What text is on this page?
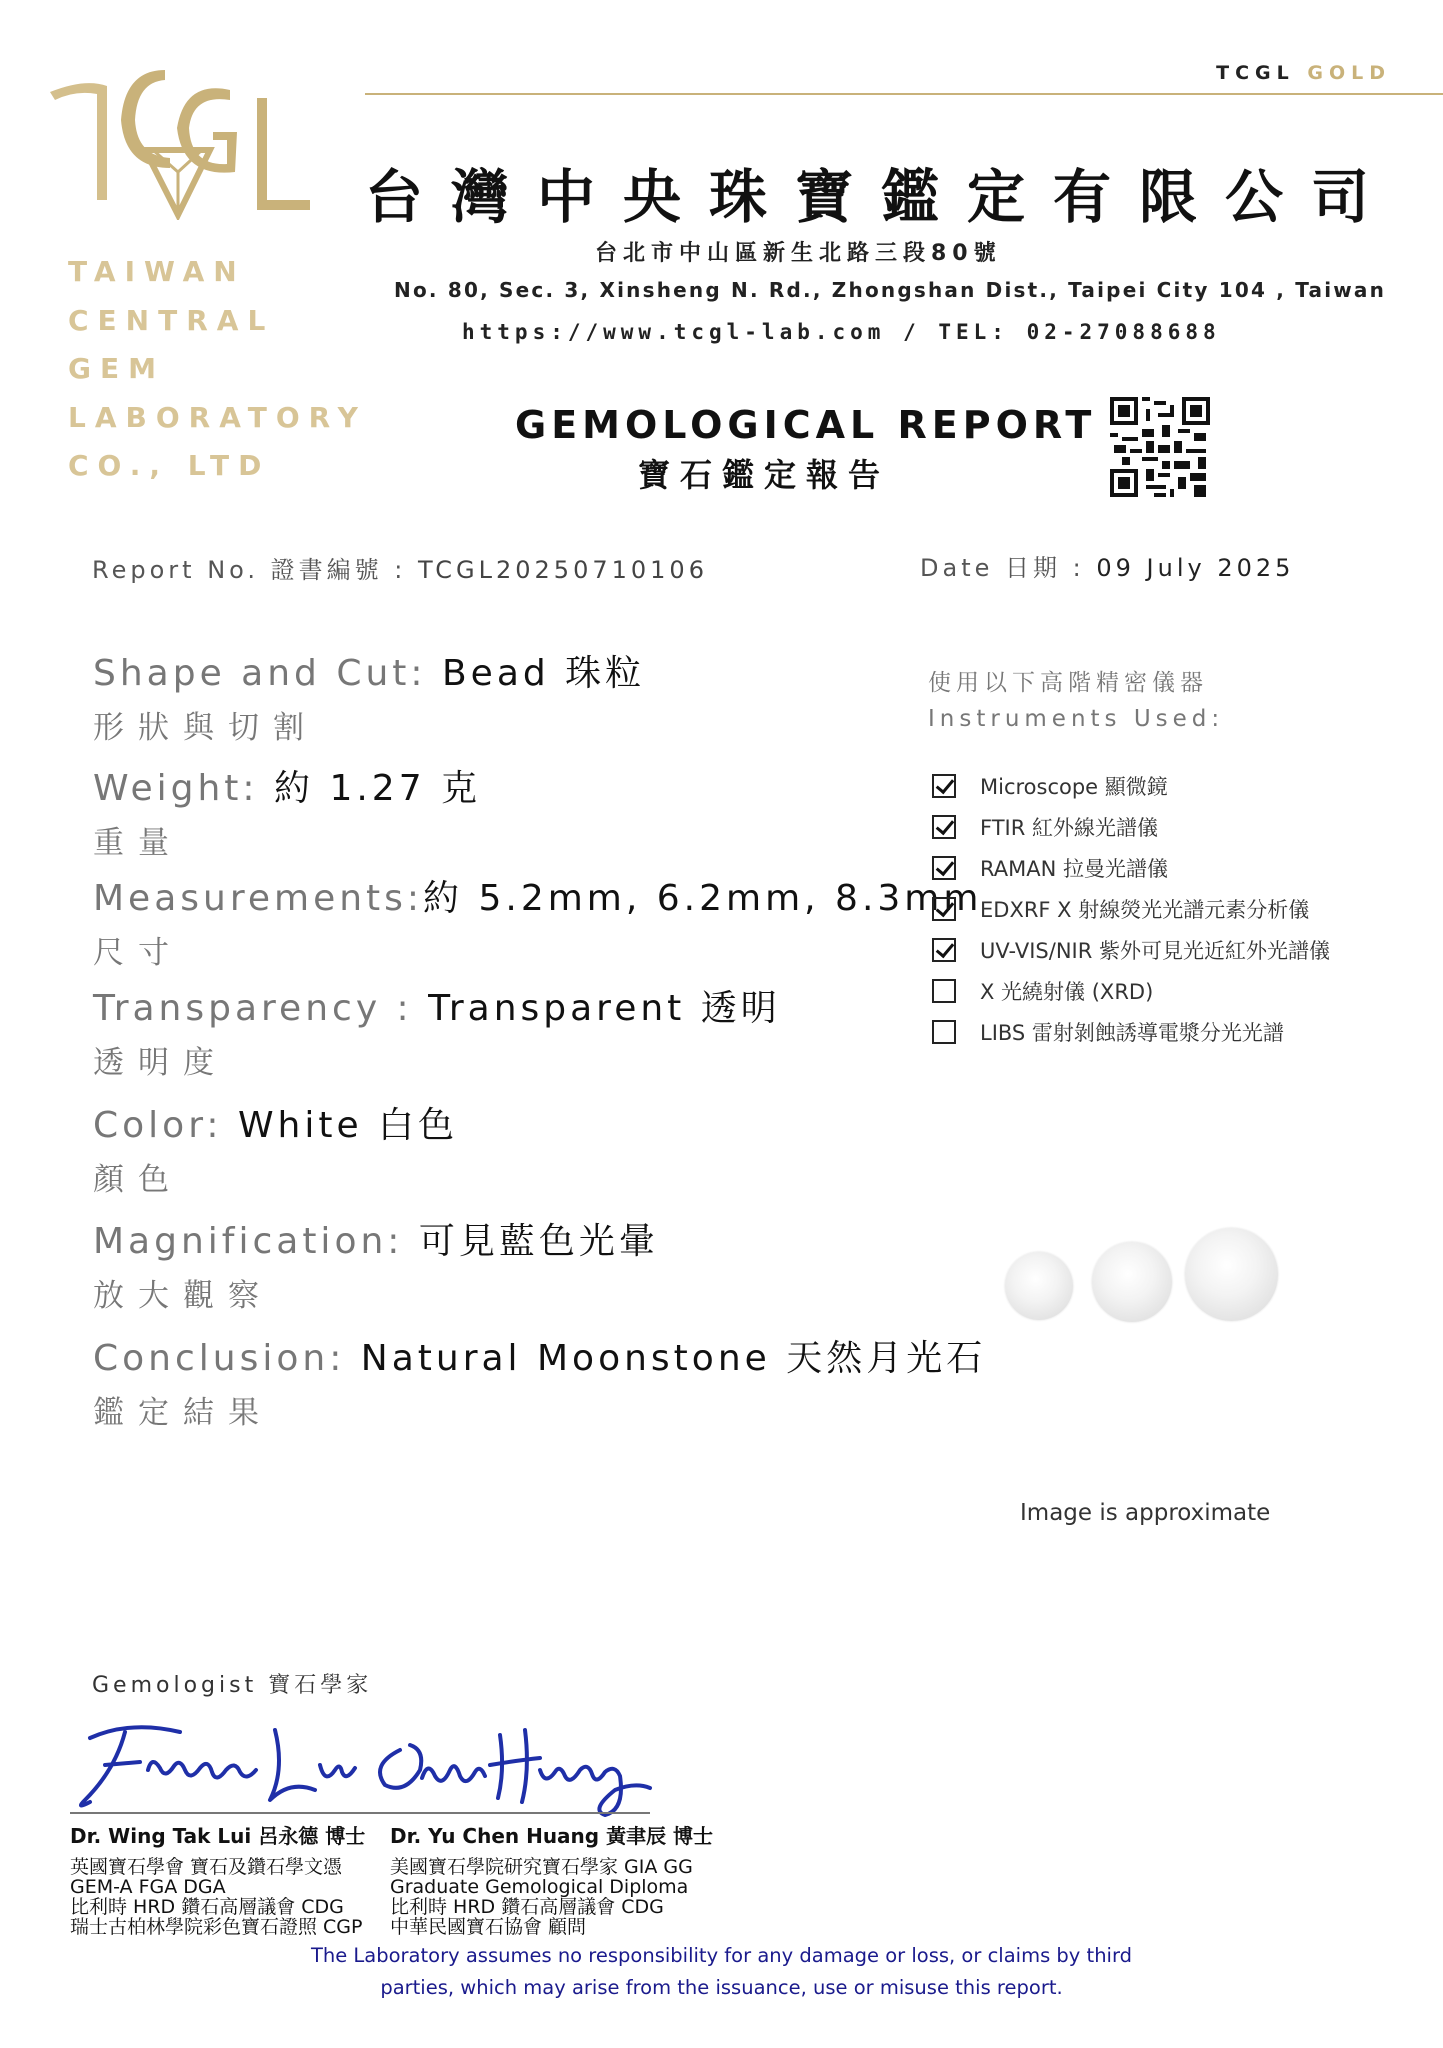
TCGL GOLD
TAIWAN
CENTRAL
GEM
LABORATORY
CO., LTD
台灣中央珠寶鑑定有限公司
台北市中山區新生北路三段80號
No. 80, Sec. 3, Xinsheng N. Rd., Zhongshan Dist., Taipei City 104 , Taiwan
https://www.tcgl-lab.com / TEL: 02-27088688
GEMOLOGICAL REPORT
寶石鑑定報告
Report No. 證書編號 : TCGL20250710106	Date 日期 : 09 July 2025
Shape and Cut: Bead 珠粒
形狀與切割
Weight: 約 1.27 克
重量
Measurements:約 5.2mm, 6.2mm, 8.3mm
尺寸
Transparency : Transparent 透明
透明度
Color: White 白色
顏色
Magnification: 可見藍色光暈
放大觀察
Conclusion: Natural Moonstone 天然月光石
鑑定結果
使用以下高階精密儀器
Instruments Used:
Microscope 顯微鏡
FTIR 紅外線光譜儀
RAMAN 拉曼光譜儀
EDXRF X 射線熒光光譜元素分析儀
UV-VIS/NIR 紫外可見光近紅外光譜儀
X 光繞射儀 (XRD)
LIBS 雷射剝蝕誘導電漿分光光譜
Image is approximate
Gemologist 寶石學家
Dr. Wing Tak Lui 呂永德 博士
英國寶石學會 寶石及鑽石學文憑
GEM-A FGA DGA
比利時 HRD 鑽石高層議會 CDG
瑞士古柏林學院彩色寶石證照 CGP
Dr. Yu Chen Huang 黃聿辰 博士
美國寶石學院研究寶石學家 GIA GG
Graduate Gemological Diploma
比利時 HRD 鑽石高層議會 CDG
中華民國寶石協會 顧問
The Laboratory assumes no responsibility for any damage or loss, or claims by third
parties, which may arise from the issuance, use or misuse this report.
